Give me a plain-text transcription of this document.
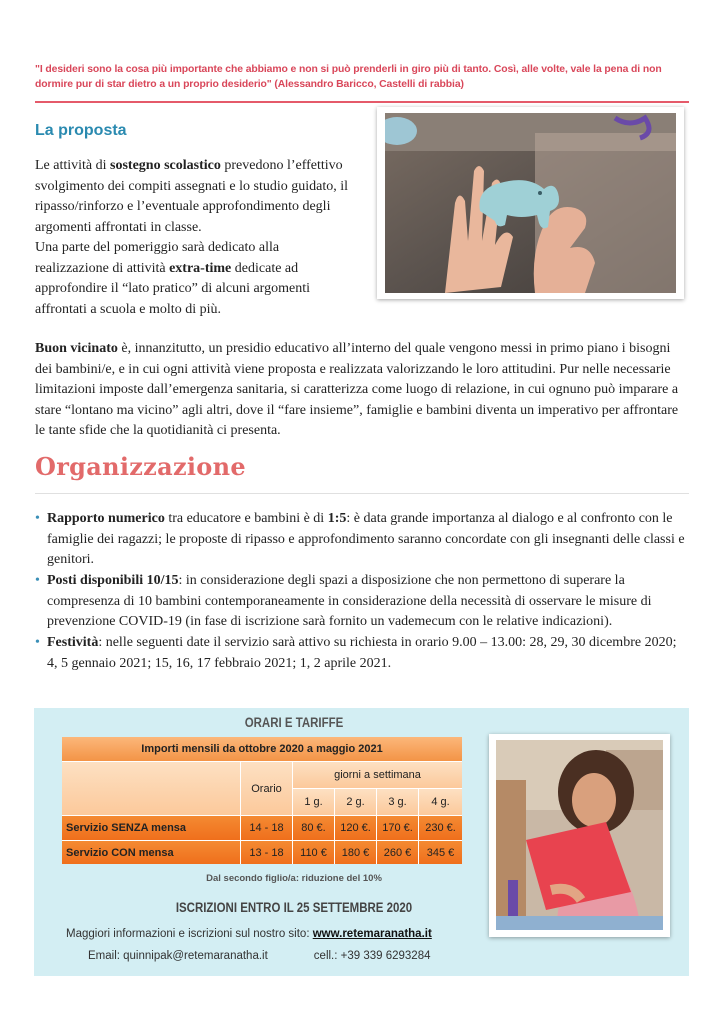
"I desideri sono la cosa più importante che abbiamo e non si può prenderli in giro più di tanto. Così, alle volte, vale la pena di non dormire pur di star dietro a un proprio desiderio" (Alessandro Baricco, Castelli di rabbia)
La proposta

Le attività di sostegno scolastico prevedono l’effettivo svolgimento dei compiti assegnati e lo studio guidato, il ripasso/rinforzo e l’eventuale approfondimento degli argomenti affrontati in classe.
Una parte del pomeriggio sarà dedicato alla realizzazione di attività extra-time dedicate ad approfondire il “lato pratico” di alcuni argomenti affrontati a scuola e molto di più.

Buon vicinato è, innanzitutto, un presidio educativo all’interno del quale vengono messi in primo piano i bisogni dei bambini/e, e in cui ogni attività viene proposta e realizzata valorizzando le loro attitudini. Pur nelle necessarie limitazioni imposte dall’emergenza sanitaria, si caratterizza come luogo di relazione, in cui ognuno può imparare a stare “lontano ma vicino” agli altri, dove il “fare insieme”, famiglie e bambini diventa un imperativo per affrontare le tante sfide che la quotidianità ci presenta.

Organizzazione
• Rapporto numerico tra educatore e bambini è di 1:5: è data grande importanza al dialogo e al confronto con le famiglie dei ragazzi; le proposte di ripasso e approfondimento saranno concordate con gli insegnanti delle classi e genitori.
• Posti disponibili 10/15: in considerazione degli spazi a disposizione che non permettono di superare la compresenza di 10 bambini contemporaneamente in considerazione della necessità di osservare le misure di prevenzione COVID-19 (in fase di iscrizione sarà fornito un vademecum con le relative indicazioni).
• Festività: nelle seguenti date il servizio sarà attivo su richiesta in orario 9.00 – 13.00: 28, 29, 30 dicembre 2020; 4, 5 gennaio 2021; 15, 16, 17 febbraio 2021; 1, 2 aprile 2021.
ORARI E TARIFFE
Importi mensili da ottobre 2020 a maggio 2021
Orario
giorni a settimana
1 g.	2 g.	3 g.	4 g.
Servizio SENZA mensa	14 - 18	80 €.	120 €.	170 €.	230 €.
Servizio CON mensa	13 - 18	110 €	180 €	260 €	345 €
Dal secondo figlio/a: riduzione del 10%
ISCRIZIONI ENTRO IL 25 SETTEMBRE 2020
Maggiori informazioni e iscrizioni sul nostro sito: www.retemaranatha.it
Email: quinnipak@retemaranatha.it	cell.: +39 339 6293284
